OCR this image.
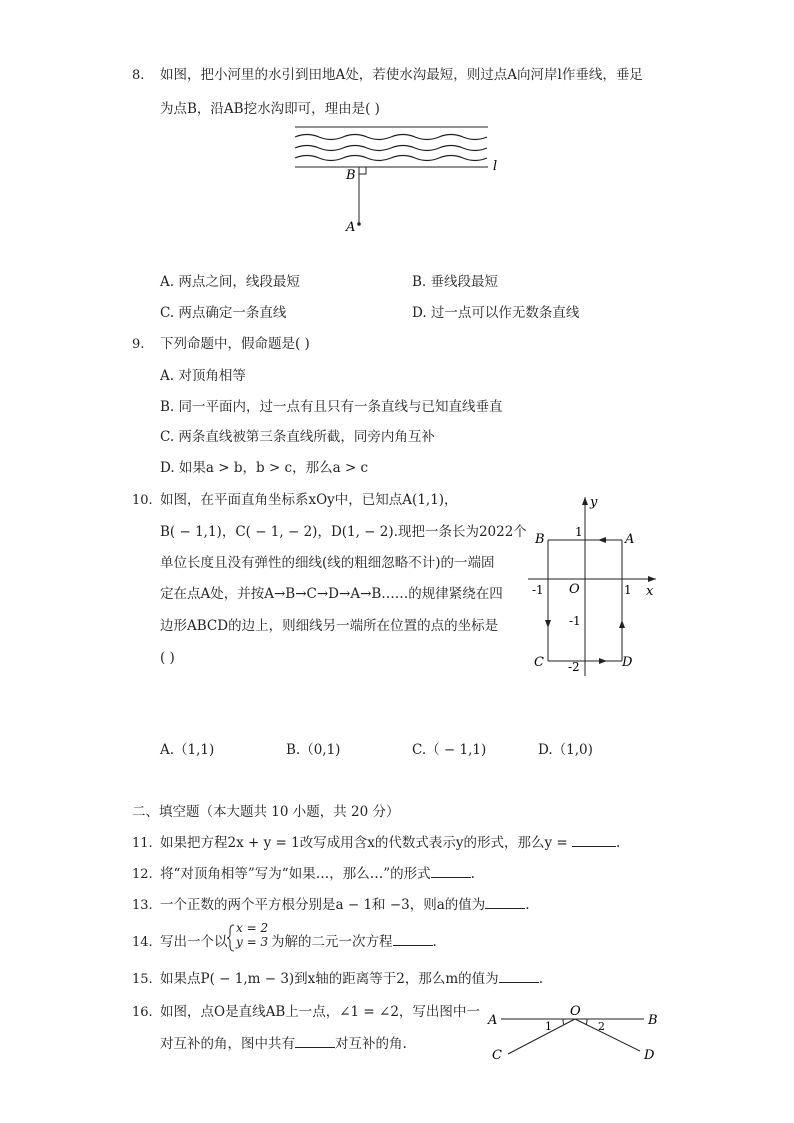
8. 如图，把小河里的水引到田地A处，若使水沟最短，则过点A向河岸l作垂线，垂足
为点B，沿AB挖水沟即可，理由是( )
B
A
l
A. 两点之间，线段最短	B. 垂线段最短
C. 两点确定一条直线	D. 过一点可以作无数条直线
9. 下列命题中，假命题是( )
A. 对顶角相等
B. 同一平面内，过一点有且只有一条直线与已知直线垂直
C. 两条直线被第三条直线所截，同旁内角互补
D. 如果a > b，b > c，那么a > c
10. 如图，在平面直角坐标系xOy中，已知点A(1,1)，
B( − 1,1)，C( − 1, − 2)，D(1, − 2).现把一条长为2022个
单位长度且没有弹性的细线(线的粗细忽略不计)的一端固
定在点A处，并按A→B→C→D→A→B……的规律紧绕在四
边形ABCD的边上，则细线另一端所在位置的点的坐标是
( )
y
x
O
A
B
C	D
1
-1	1
-1
-2
A.（1,1)	B.（0,1)	C.（ − 1,1)	D.（1,0)
二、填空题（本大题共 10 小题，共 20 分）
11. 如果把方程2x + y = 1改写成用含x的代数式表示y的形式，那么y =	.
12. 将“对顶角相等”写为“如果…，那么…”的形式	.
13. 一个正数的两个平方根分别是a − 1和 −3，则a的值为	.
14. 写出一个以
x = 2
y = 3 为解的二元一次方程	.
15. 如果点P( − 1,m − 3)到x轴的距离等于2，那么m的值为	.
16. 如图，点O是直线AB上一点，∠1 = ∠2，写出图中一
对互补的角，图中共有	对互补的角.
A
O
B
C	D
1	2
